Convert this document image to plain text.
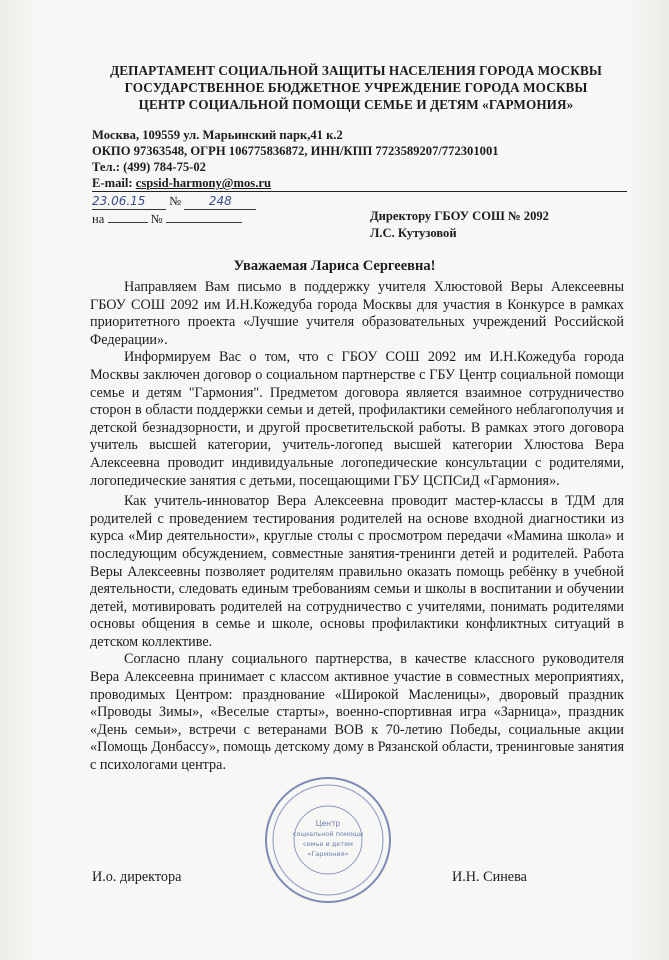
ДЕПАРТАМЕНТ СОЦИАЛЬНОЙ ЗАЩИТЫ НАСЕЛЕНИЯ ГОРОДА МОСКВЫ
ГОСУДАРСТВЕННОЕ БЮДЖЕТНОЕ УЧРЕЖДЕНИЕ ГОРОДА МОСКВЫ
ЦЕНТР СОЦИАЛЬНОЙ ПОМОЩИ СЕМЬЕ И ДЕТЯМ «ГАРМОНИЯ»
Москва, 109559 ул. Марьинский парк,41 к.2
ОКПО 97363548, ОГРН 106775836872, ИНН/КПП 7723589207/772301001
Тел.: (499) 784-75-02
E-mail: cspsid-harmony@mos.ru
23.06.15 № 248
на	№	Директору ГБОУ СОШ № 2092
Л.С. Кутузовой
Уважаемая Лариса Сергеевна!

Направляем Вам письмо в поддержку учителя Хлюстовой Веры Алексеевны ГБОУ СОШ 2092 им И.Н.Кожедуба города Москвы для участия в Конкурсе в рамках приоритетного проекта «Лучшие учителя образовательных учреждений Российской Федерации».

Информируем Вас о том, что с ГБОУ СОШ 2092 им И.Н.Кожедуба города Москвы заключен договор о социальном партнерстве с ГБУ Центр социальной помощи семье и детям "Гармония". Предметом договора является взаимное сотрудничество сторон в области поддержки семьи и детей, профилактики семейного неблагополучия и детской безнадзорности, и другой просветительской работы. В рамках этого договора учитель высшей категории, учитель-логопед высшей категории Хлюстова Вера Алексеевна проводит индивидуальные логопедические консультации с родителями, логопедические занятия с детьми, посещающими ГБУ ЦСПСиД «Гармония».

Как учитель-инноватор Вера Алексеевна проводит мастер-классы в ТДМ для родителей с проведением тестирования родителей на основе входной диагностики из курса «Мир деятельности», круглые столы с просмотром передачи «Мамина школа» и последующим обсуждением, совместные занятия-тренинги детей и родителей. Работа Веры Алексеевны позволяет родителям правильно оказать помощь ребёнку в учебной деятельности, следовать единым требованиям семьи и школы в воспитании и обучении детей, мотивировать родителей на сотрудничество с учителями, понимать родителями основы общения в семье и школе, основы профилактики конфликтных ситуаций в детском коллективе.

Согласно плану социального партнерства, в качестве классного руководителя Вера Алексеевна принимает с классом активное участие в совместных мероприятиях, проводимых Центром: празднование «Широкой Масленицы», дворовый праздник «Проводы Зимы», «Веселые старты», военно-спортивная игра «Зарница», праздник «День семьи», встречи с ветеранами ВОВ к 70-летию Победы, социальные акции «Помощь Донбассу», помощь детскому дому в Рязанской области, тренинговые занятия с психологами центра.

Центр
социальной помощи
семье и детям
«Гармония»
И.о. директора	И.Н. Синева
